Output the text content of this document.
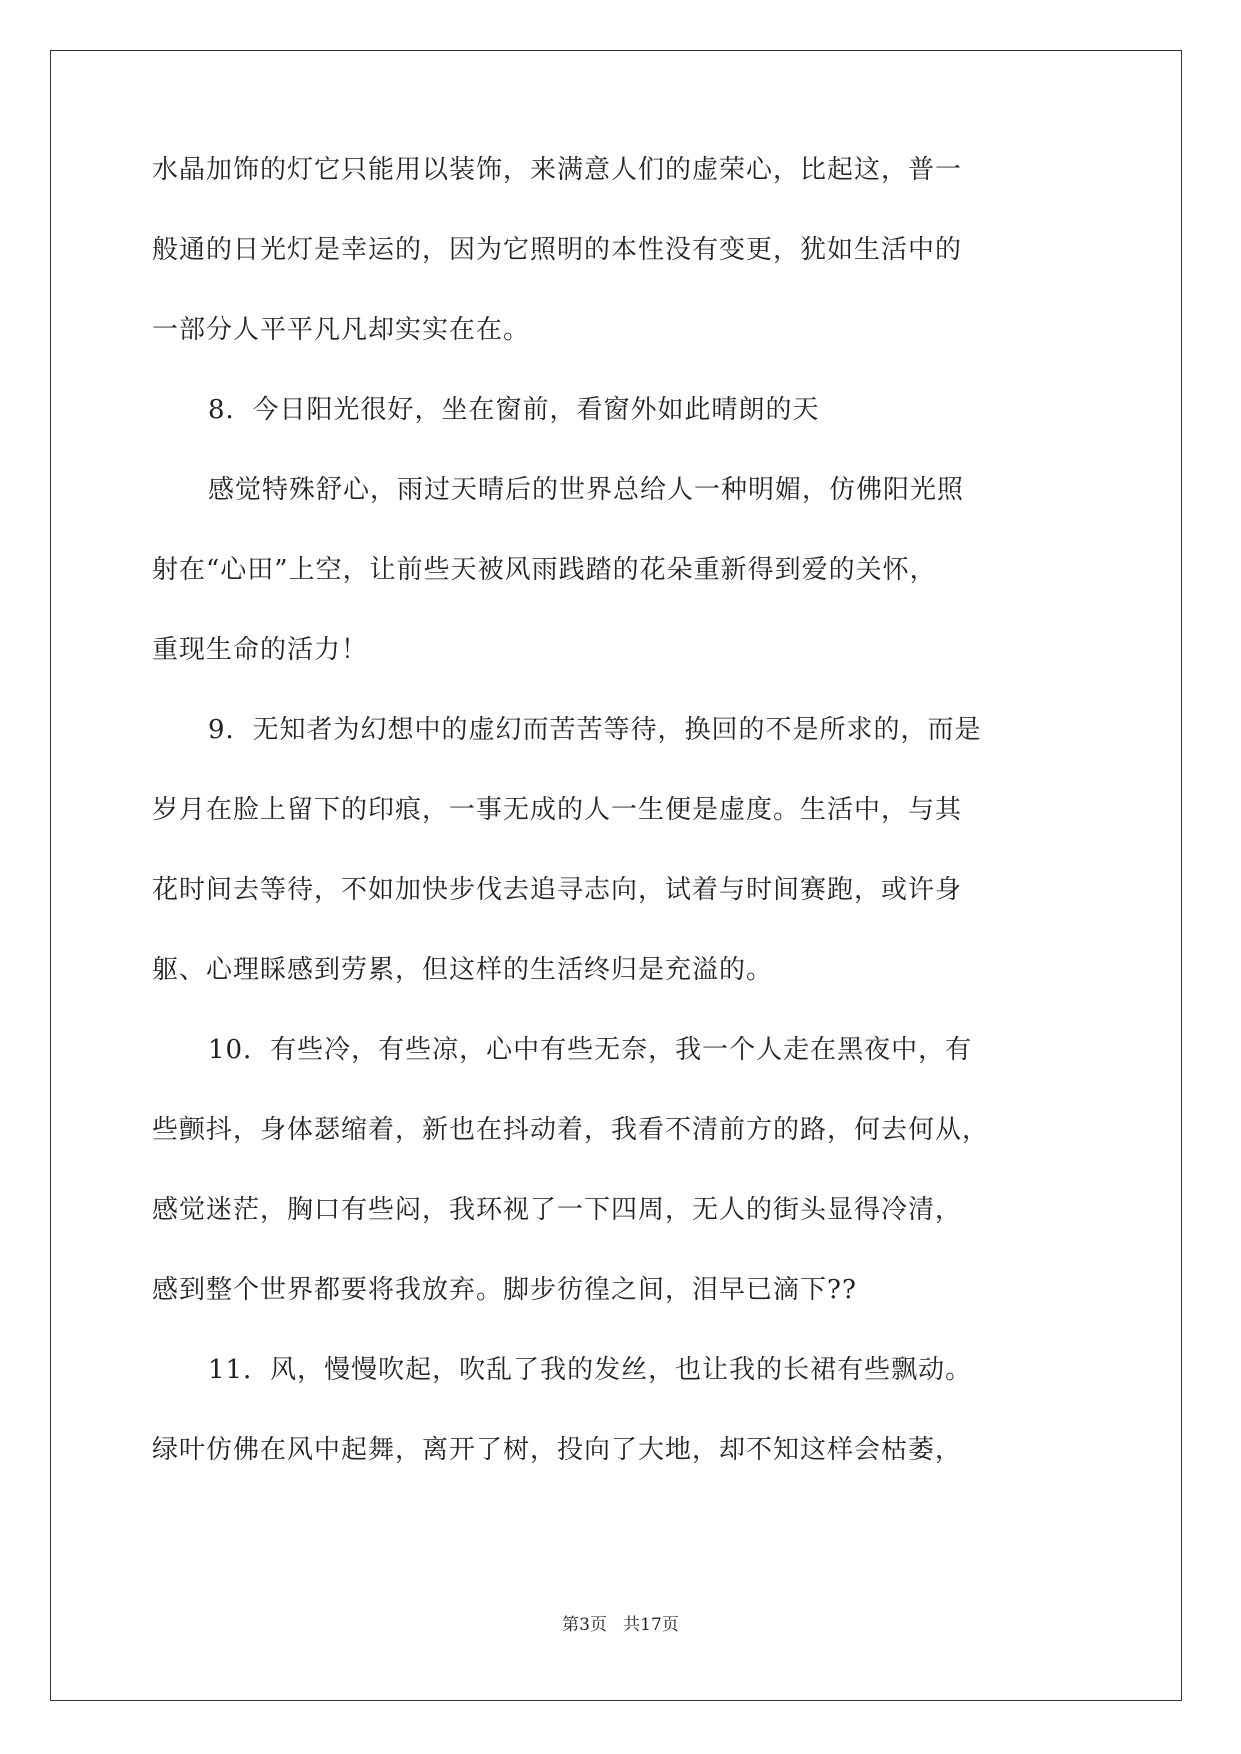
水晶加饰的灯它只能用以装饰，来满意人们的虚荣心，比起这，普一
般通的日光灯是幸运的，因为它照明的本性没有变更，犹如生活中的
一部分人平平凡凡却实实在在。
8．今日阳光很好，坐在窗前，看窗外如此晴朗的天
感觉特殊舒心，雨过天晴后的世界总给人一种明媚，仿佛阳光照
射在“心田”上空，让前些天被风雨践踏的花朵重新得到爱的关怀，
重现生命的活力！
9．无知者为幻想中的虚幻而苦苦等待，换回的不是所求的，而是
岁月在脸上留下的印痕，一事无成的人一生便是虚度。生活中，与其
花时间去等待，不如加快步伐去追寻志向，试着与时间赛跑，或许身
躯、心理睬感到劳累，但这样的生活终归是充溢的。
10．有些冷，有些凉，心中有些无奈，我一个人走在黑夜中，有
些颤抖，身体瑟缩着，新也在抖动着，我看不清前方的路，何去何从，
感觉迷茫，胸口有些闷，我环视了一下四周，无人的街头显得冷清，
感到整个世界都要将我放弃。脚步彷徨之间，泪早已滴下??
11．风，慢慢吹起，吹乱了我的发丝，也让我的长裙有些飘动。
绿叶仿佛在风中起舞，离开了树，投向了大地，却不知这样会枯萎，
第3页   共17页
